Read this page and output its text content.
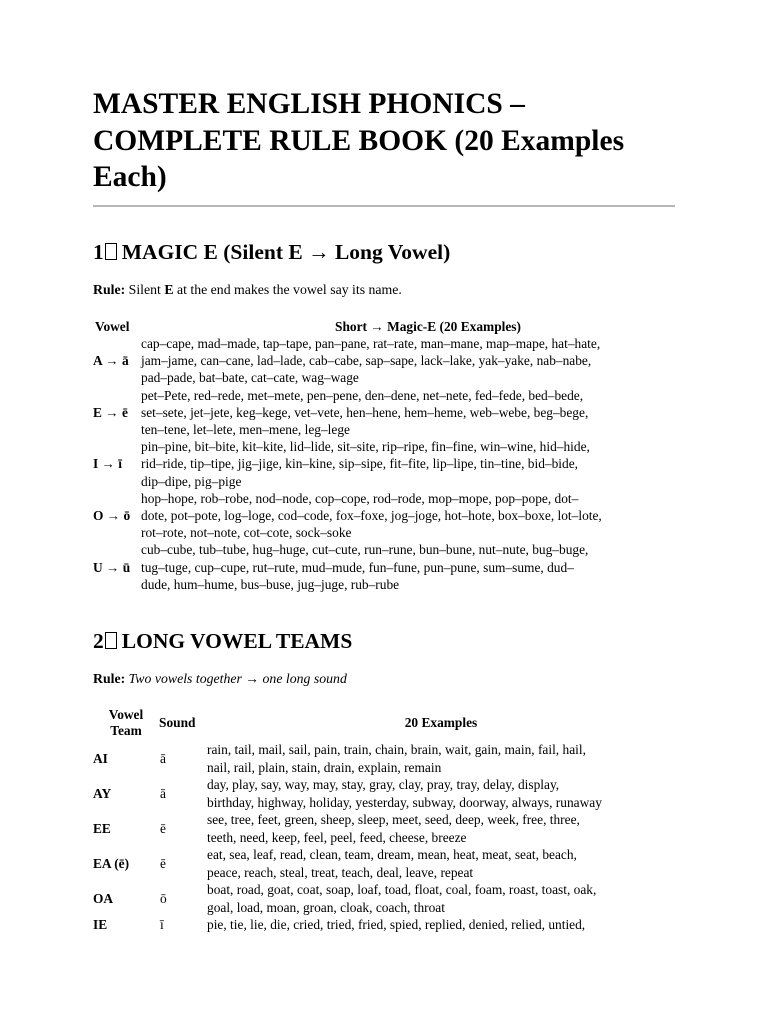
MASTER ENGLISH PHONICS – COMPLETE RULE BOOK (20 Examples Each)
1 MAGIC E (Silent E → Long Vowel)

Rule: Silent E at the end makes the vowel say its name.

Vowel	Short → Magic-E (20 Examples)
A → ā	cap–cape, mad–made, tap–tape, pan–pane, rat–rate, man–mane, map–mape, hat–hate,
jam–jame, can–cane, lad–lade, cab–cabe, sap–sape, lack–lake, yak–yake, nab–nabe,
pad–pade, bat–bate, cat–cate, wag–wage

E → ē	pet–Pete, red–rede, met–mete, pen–pene, den–dene, net–nete, fed–fede, bed–bede,
set–sete, jet–jete, keg–kege, vet–vete, hen–hene, hem–heme, web–webe, beg–bege,
ten–tene, let–lete, men–mene, leg–lege

I → ī	pin–pine, bit–bite, kit–kite, lid–lide, sit–site, rip–ripe, fin–fine, win–wine, hid–hide,
rid–ride, tip–tipe, jig–jige, kin–kine, sip–sipe, fit–fite, lip–lipe, tin–tine, bid–bide,
dip–dipe, pig–pige

O → ō	hop–hope, rob–robe, nod–node, cop–cope, rod–rode, mop–mope, pop–pope, dot–
dote, pot–pote, log–loge, cod–code, fox–foxe, jog–joge, hot–hote, box–boxe, lot–lote,
rot–rote, not–note, cot–cote, sock–soke

U → ū	cub–cube, tub–tube, hug–huge, cut–cute, run–rune, bun–bune, nut–nute, bug–buge,
tug–tuge, cup–cupe, rut–rute, mud–mude, fun–fune, pun–pune, sum–sume, dud–
dude, hum–hume, bus–buse, jug–juge, rub–rube
2 LONG VOWEL TEAMS

Rule: Two vowels together → one long sound

Vowel
Team	Sound	20 Examples
AI	ā	rain, tail, mail, sail, pain, train, chain, brain, wait, gain, main, fail, hail,
nail, rail, plain, stain, drain, explain, remain

AY	ā	day, play, say, way, may, stay, gray, clay, pray, tray, delay, display,
birthday, highway, holiday, yesterday, subway, doorway, always, runaway

EE	ē	see, tree, feet, green, sheep, sleep, meet, seed, deep, week, free, three,
teeth, need, keep, feel, peel, feed, cheese, breeze

EA (ē)	ē	eat, sea, leaf, read, clean, team, dream, mean, heat, meat, seat, beach,
peace, reach, steal, treat, teach, deal, leave, repeat

OA	ō	boat, road, goat, coat, soap, loaf, toad, float, coal, foam, roast, toast, oak,
goal, load, moan, groan, cloak, coach, throat

IE	ī	pie, tie, lie, die, cried, tried, fried, spied, replied, denied, relied, untied,
